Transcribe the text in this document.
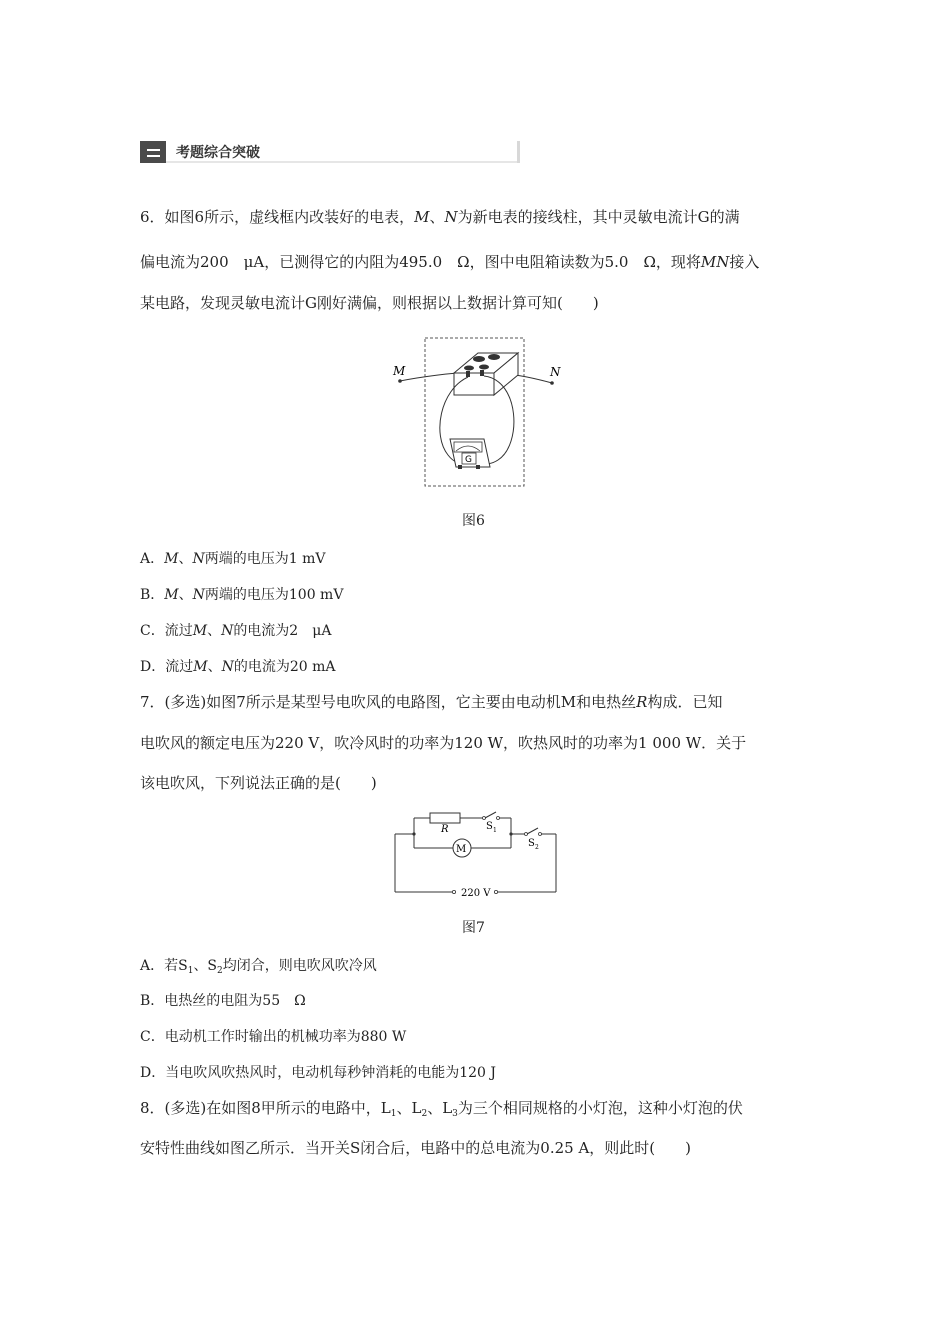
考题综合突破
6．如图6所示，虚线框内改装好的电表，M、N为新电表的接线柱，其中灵敏电流计G的满
偏电流为200　μA，已测得它的内阻为495.0　Ω，图中电阻箱读数为5.0　Ω，现将MN接入
某电路，发现灵敏电流计G刚好满偏，则根据以上数据计算可知(　　)
M	N
G
图6
A．M、N两端的电压为1 mV
B．M、N两端的电压为100 mV
C．流过M、N的电流为2　μA
D．流过M、N的电流为20 mA
7．(多选)如图7所示是某型号电吹风的电路图，它主要由电动机M和电热丝R构成．已知
电吹风的额定电压为220 V，吹冷风时的功率为120 W，吹热风时的功率为1 000 W．关于
该电吹风，下列说法正确的是(　　)
R	S 1
M
220 V
S 2
图7
A．若$S_1$、$S_2$均闭合，则电吹风吹冷风
B．电热丝的电阻为55　Ω
C．电动机工作时输出的机械功率为880 W
D．当电吹风吹热风时，电动机每秒钟消耗的电能为120 J
8．(多选)在如图8甲所示的电路中，$L_1$、$L_2$、$L_3$为三个相同规格的小灯泡，这种小灯泡的伏
安特性曲线如图乙所示．当开关S闭合后，电路中的总电流为0.25 A，则此时(　　)
